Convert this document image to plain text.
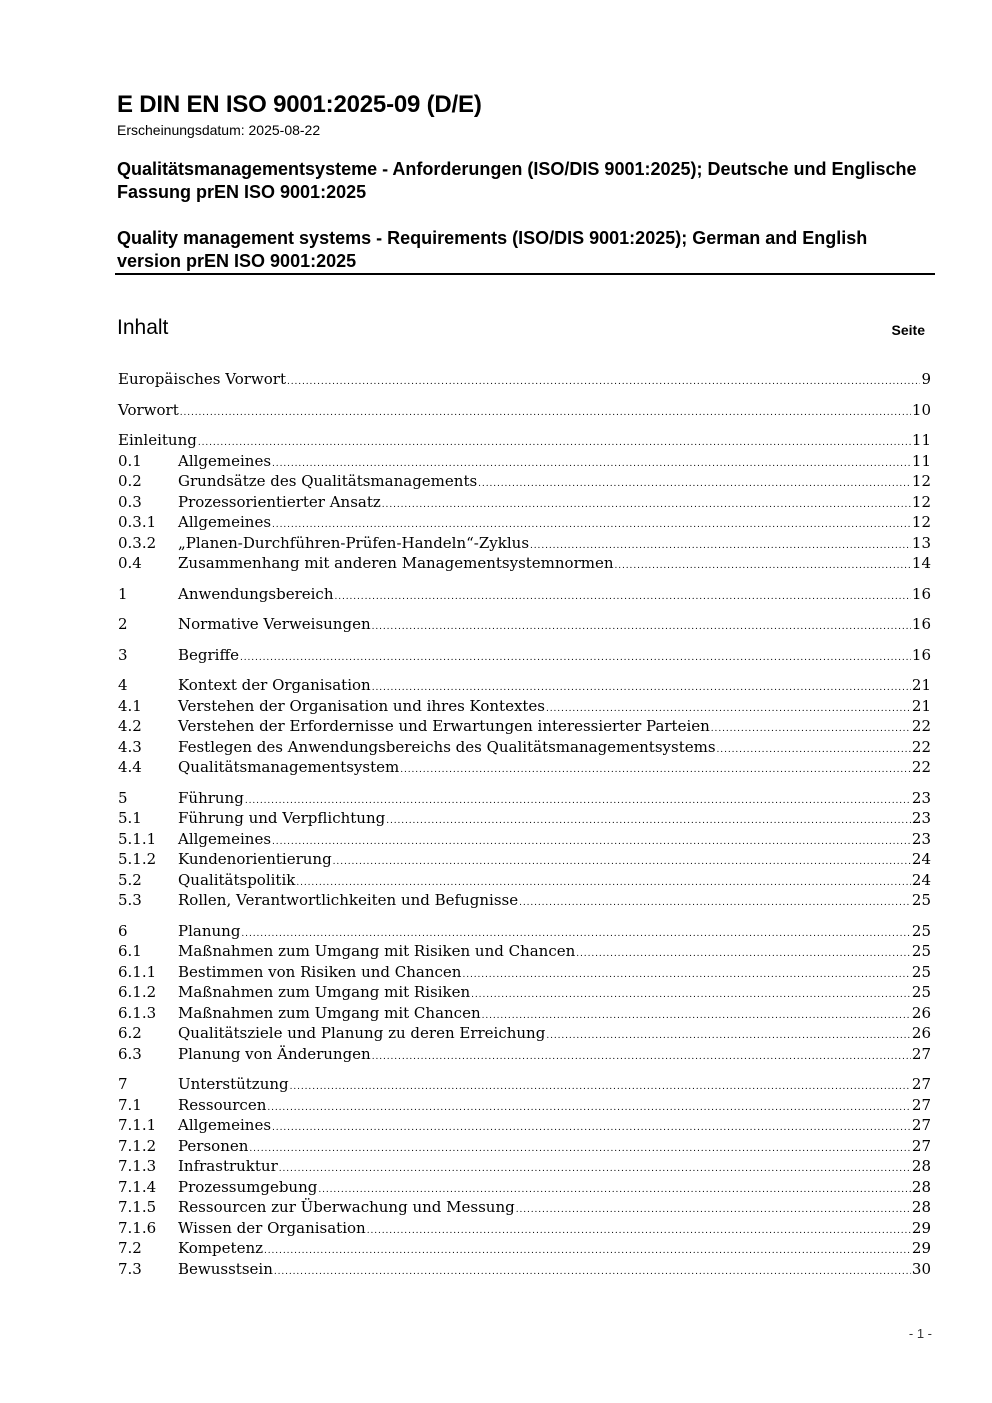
E DIN EN ISO 9001:2025-09 (D/E)

Erscheinungsdatum: 2025-08-22

Qualitätsmanagementsysteme - Anforderungen (ISO/DIS 9001:2025); Deutsche und Englische Fassung prEN ISO 9001:2025

Quality management systems - Requirements (ISO/DIS 9001:2025); German and English version prEN ISO 9001:2025

Inhalt	Seite
Europäisches Vorwort .....	9
Vorwort .....	10
Einleitung .....	11
0.1	Allgemeines .....	11
0.2	Grundsätze des Qualitätsmanagements .....	12
0.3	Prozessorientierter Ansatz .....	12
0.3.1	Allgemeines .....	12
0.3.2	„Planen-Durchführen-Prüfen-Handeln“-Zyklus .....	13
0.4	Zusammenhang mit anderen Managementsystemnormen .....	14
1	Anwendungsbereich .....	16
2	Normative Verweisungen .....	16
3	Begriffe .....	16
4	Kontext der Organisation .....	21
4.1	Verstehen der Organisation und ihres Kontextes .....	21
4.2	Verstehen der Erfordernisse und Erwartungen interessierter Parteien .....	22
4.3	Festlegen des Anwendungsbereichs des Qualitätsmanagementsystems .....	22
4.4	Qualitätsmanagementsystem .....	22
5	Führung .....	23
5.1	Führung und Verpflichtung .....	23
5.1.1	Allgemeines .....	23
5.1.2	Kundenorientierung .....	24
5.2	Qualitätspolitik .....	24
5.3	Rollen, Verantwortlichkeiten und Befugnisse .....	25
6	Planung .....	25
6.1	Maßnahmen zum Umgang mit Risiken und Chancen .....	25
6.1.1	Bestimmen von Risiken und Chancen .....	25
6.1.2	Maßnahmen zum Umgang mit Risiken .....	25
6.1.3	Maßnahmen zum Umgang mit Chancen .....	26
6.2	Qualitätsziele und Planung zu deren Erreichung .....	26
6.3	Planung von Änderungen .....	27
7	Unterstützung .....	27
7.1	Ressourcen .....	27
7.1.1	Allgemeines .....	27
7.1.2	Personen .....	27
7.1.3	Infrastruktur .....	28
7.1.4	Prozessumgebung .....	28
7.1.5	Ressourcen zur Überwachung und Messung .....	28
7.1.6	Wissen der Organisation .....	29
7.2	Kompetenz .....	29
7.3	Bewusstsein .....	30
- 1 -
